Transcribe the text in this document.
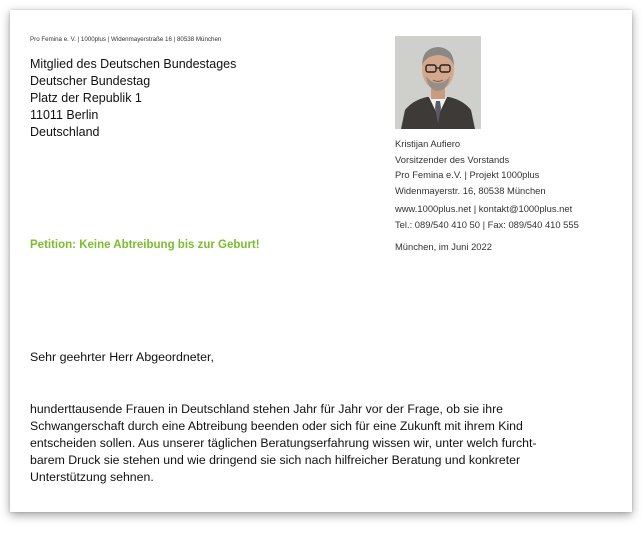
Pro Femina e. V. | 1000plus | Widenmayerstraße 16 | 80538 München
Mitglied des Deutschen Bundestages
Deutscher Bundestag
Platz der Republik 1
11011 Berlin
Deutschland
Kristijan Aufiero
Vorsitzender des Vorstands
Pro Femina e.V. | Projekt 1000plus
Widenmayerstr. 16, 80538 München
www.1000plus.net | kontakt@1000plus.net
Tel.: 089/540 410 50 | Fax: 089/540 410 555
München, im Juni 2022
Petition: Keine Abtreibung bis zur Geburt!
Sehr geehrter Herr Abgeordneter,
hunderttausende Frauen in Deutschland stehen Jahr für Jahr vor der Frage, ob sie ihre
Schwangerschaft durch eine Abtreibung beenden oder sich für eine Zukunft mit ihrem Kind
entscheiden sollen. Aus unserer täglichen Beratungserfahrung wissen wir, unter welch furcht-
barem Druck sie stehen und wie dringend sie sich nach hilfreicher Beratung und konkreter
Unterstützung sehnen.
